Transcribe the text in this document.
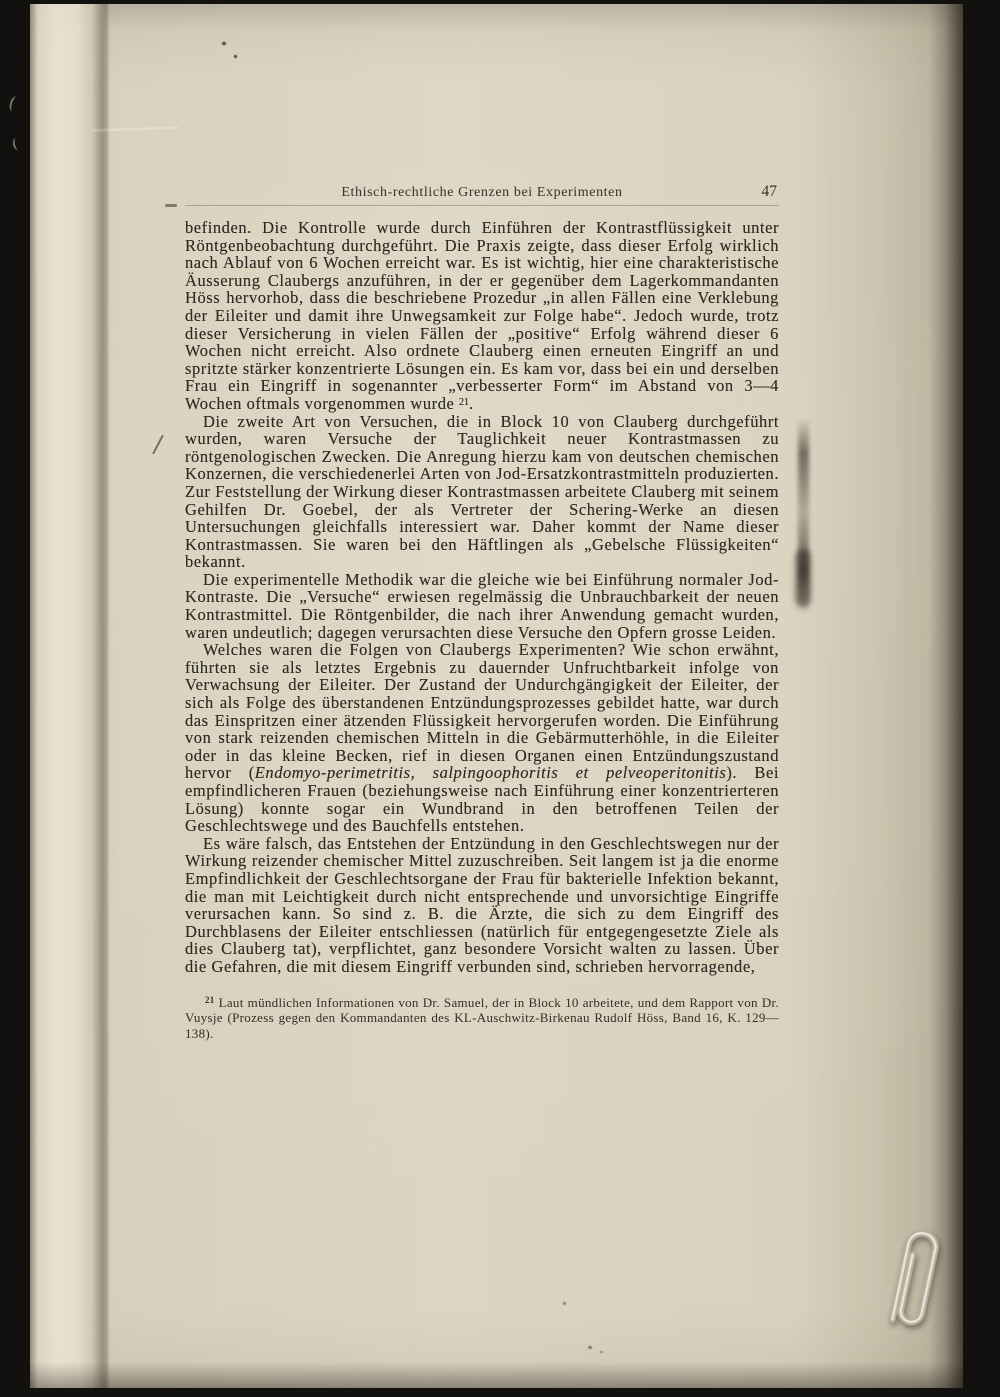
Ethisch-rechtliche Grenzen bei Experimenten	47

befinden. Die Kontrolle wurde durch Einführen der Kontrastflüssigkeit unter Röntgenbeobachtung durchgeführt. Die Praxis zeigte, dass dieser Erfolg wirklich nach Ablauf von 6 Wochen erreicht war. Es ist wichtig, hier eine charakteristische Äusserung Claubergs anzuführen, in der er gegenüber dem Lagerkommandanten Höss hervorhob, dass die beschriebene Prozedur „in allen Fällen eine Verklebung der Eileiter und damit ihre Unwegsamkeit zur Folge habe“. Jedoch wurde, trotz dieser Versicherung in vielen Fällen der „positive“ Erfolg während dieser 6 Wochen nicht erreicht. Also ordnete Clauberg einen erneuten Eingriff an und spritzte stärker konzentrierte Lösungen ein. Es kam vor, dass bei ein und derselben Frau ein Eingriff in sogenannter „verbesserter Form“ im Abstand von 3—4 Wochen oftmals vorgenommen wurde $^{21}$.

Die zweite Art von Versuchen, die in Block 10 von Clauberg durchgeführt wurden, waren Versuche der Tauglichkeit neuer Kontrastmassen zu röntgenologischen Zwecken. Die Anregung hierzu kam von deutschen chemischen Konzernen, die verschiedenerlei Arten von Jod-Ersatzkontrastmitteln produzierten. Zur Feststellung der Wirkung dieser Kontrastmassen arbeitete Clauberg mit seinem Gehilfen Dr. Goebel, der als Vertreter der Schering-Werke an diesen Untersuchungen gleichfalls interessiert war. Daher kommt der Name dieser Kontrastmassen. Sie waren bei den Häftlingen als „Gebelsche Flüssigkeiten“ bekannt.

Die experimentelle Methodik war die gleiche wie bei Einführung normaler Jod-Kontraste. Die „Versuche“ erwiesen regelmässig die Unbrauchbarkeit der neuen Kontrastmittel. Die Röntgenbilder, die nach ihrer Anwendung gemacht wurden, waren undeutlich; dagegen verursachten diese Versuche den Opfern grosse Leiden.

Welches waren die Folgen von Claubergs Experimenten? Wie schon erwähnt, führten sie als letztes Ergebnis zu dauernder Unfruchtbarkeit infolge von Verwachsung der Eileiter. Der Zustand der Undurchgängigkeit der Eileiter, der sich als Folge des überstandenen Entzündungsprozesses gebildet hatte, war durch das Einspritzen einer ätzenden Flüssigkeit hervorgerufen worden. Die Einführung von stark reizenden chemischen Mitteln in die Gebärmutterhöhle, in die Eileiter oder in das kleine Becken, rief in diesen Organen einen Entzündungszustand hervor (Endomyo-perimetritis, salpingoophoritis et pelveoperitonitis). Bei empfindlicheren Frauen (beziehungsweise nach Einführung einer konzentrierteren Lösung) konnte sogar ein Wundbrand in den betroffenen Teilen der Geschlechtswege und des Bauchfells entstehen.

Es wäre falsch, das Entstehen der Entzündung in den Geschlechtswegen nur der Wirkung reizender chemischer Mittel zuzuschreiben. Seit langem ist ja die enorme Empfindlichkeit der Geschlechtsorgane der Frau für bakterielle Infektion bekannt, die man mit Leichtigkeit durch nicht entsprechende und unvorsichtige Eingriffe verursachen kann. So sind z. B. die Ärzte, die sich zu dem Eingriff des Durchblasens der Eileiter entschliessen (natürlich für entgegengesetzte Ziele als dies Clauberg tat), verpflichtet, ganz besondere Vorsicht walten zu lassen. Über die Gefahren, die mit diesem Eingriff verbunden sind, schrieben hervorragende,

$^{21}$ Laut mündlichen Informationen von Dr. Samuel, der in Block 10 arbeitete, und dem Rapport von Dr. Vuysje (Prozess gegen den Kommandanten des KL-Auschwitz-Birkenau Rudolf Höss, Band 16, K. 129—138).
